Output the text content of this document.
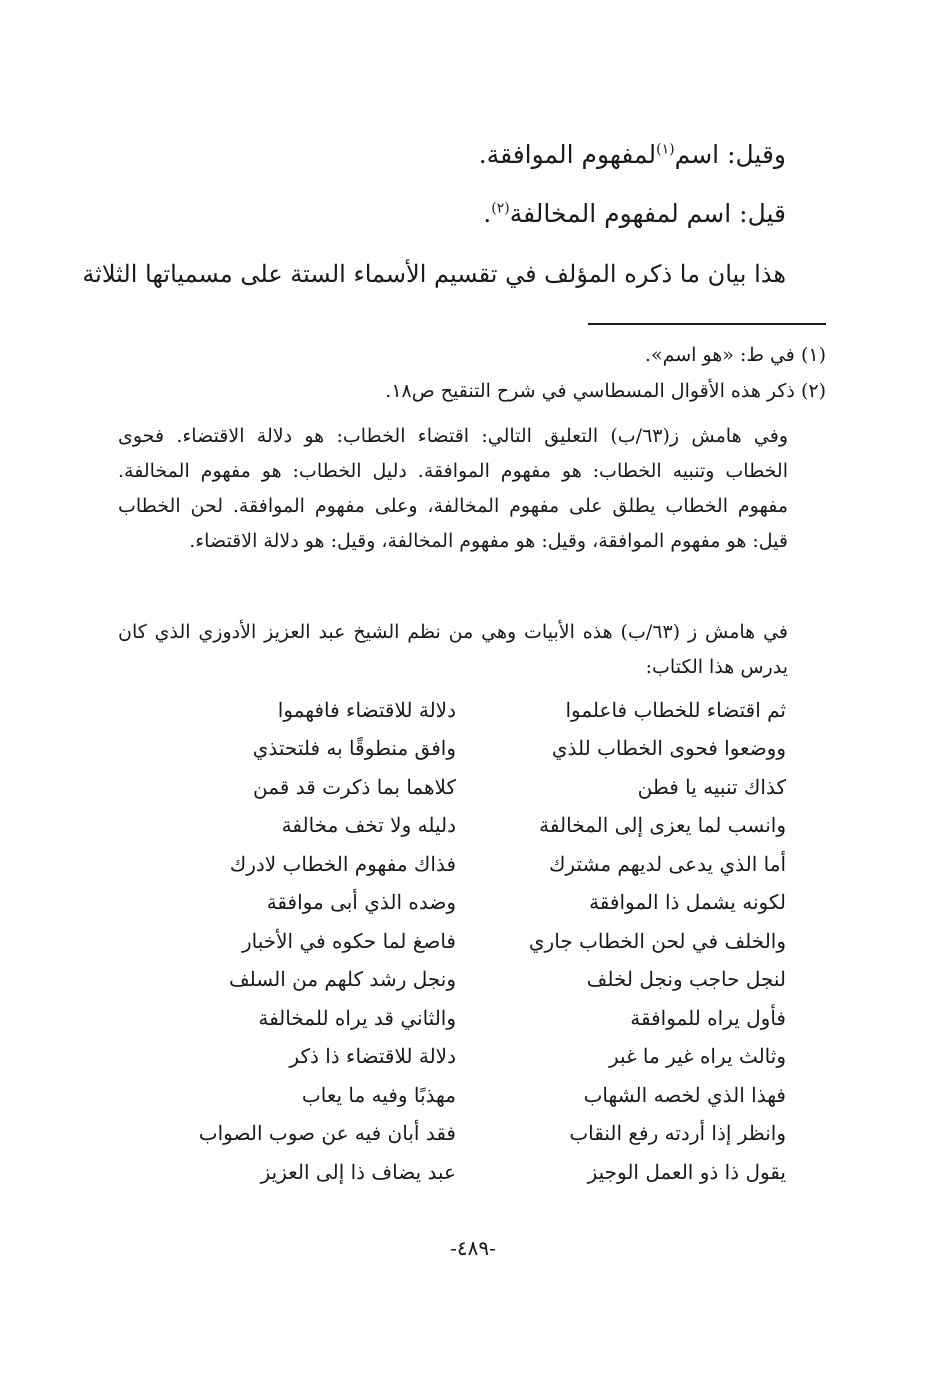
وقيل: اسم$^{(١)}$لمفهوم الموافقة.
قيل: اسم لمفهوم المخالفة$^{(٢)}$.
هذا بيان ما ذكره المؤلف في تقسيم الأسماء الستة على مسمياتها الثلاثة
(١) في ط: «هو اسم».
(٢) ذكر هذه الأقوال المسطاسي في شرح التنقيح ص١٨.

وفي هامش ز(٦٣/ب) التعليق التالي: اقتضاء الخطاب: هو دلالة الاقتضاء. فحوى الخطاب وتنبيه الخطاب: هو مفهوم الموافقة. دليل الخطاب: هو مفهوم المخالفة. مفهوم الخطاب يطلق على مفهوم المخالفة، وعلى مفهوم الموافقة. لحن الخطاب قيل: هو مفهوم الموافقة، وقيل: هو مفهوم المخالفة، وقيل: هو دلالة الاقتضاء.

في هامش ز (٦٣/ب) هذه الأبيات وهي من نظم الشيخ عبد العزيز الأدوزي الذي كان يدرس هذا الكتاب:

ثم اقتضاء للخطاب فاعلموا
دلالة للاقتضاء فافهموا
ووضعوا فحوى الخطاب للذي
وافق منطوقًا به فلتحتذي
كذاك تنبيه يا فطن
كلاهما بما ذكرت قد قمن
وانسب لما يعزى إلى المخالفة
دليله ولا تخف مخالفة
أما الذي يدعى لديهم مشترك
فذاك مفهوم الخطاب لادرك
لكونه يشمل ذا الموافقة
وضده الذي أبى موافقة
والخلف في لحن الخطاب جاري
فاصغ لما حكوه في الأخبار
لنجل حاجب ونجل لخلف
ونجل رشد كلهم من السلف
فأول يراه للموافقة
والثاني قد يراه للمخالفة
وثالث يراه غير ما غبر
دلالة للاقتضاء ذا ذكر
فهذا الذي لخصه الشهاب
مهذبًا وفيه ما يعاب
وانظر إذا أردته رفع النقاب
فقد أبان فيه عن صوب الصواب
يقول ذا ذو العمل الوجيز
عبد يضاف ذا إلى العزيز
-٤٨٩-
